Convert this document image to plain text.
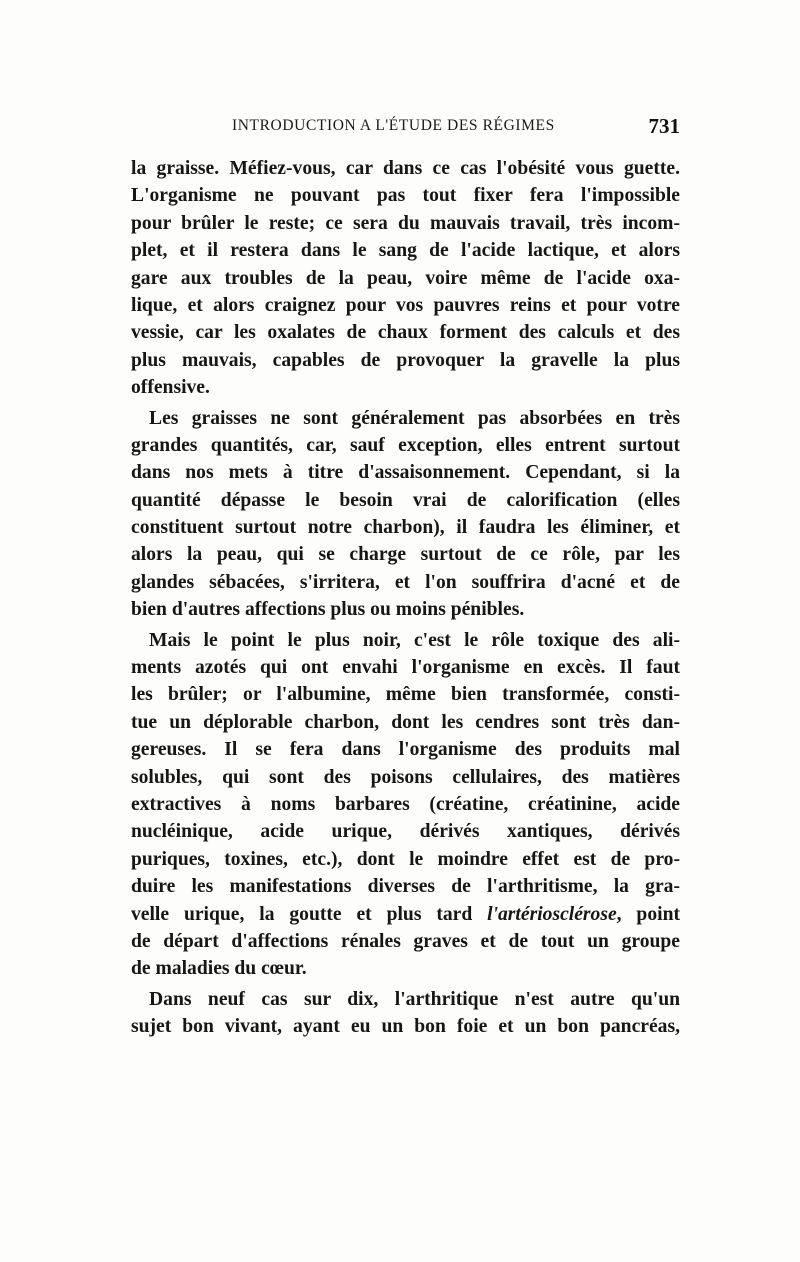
INTRODUCTION A L'ÉTUDE DES RÉGIMES	731
la graisse. Méfiez-vous, car dans ce cas l'obésité vous guette.
L'organisme ne pouvant pas tout fixer fera l'impossible
pour brûler le reste; ce sera du mauvais travail, très incom-
plet, et il restera dans le sang de l'acide lactique, et alors
gare aux troubles de la peau, voire même de l'acide oxa-
lique, et alors craignez pour vos pauvres reins et pour votre
vessie, car les oxalates de chaux forment des calculs et des
plus mauvais, capables de provoquer la gravelle la plus
offensive.
Les graisses ne sont généralement pas absorbées en très
grandes quantités, car, sauf exception, elles entrent surtout
dans nos mets à titre d'assaisonnement. Cependant, si la
quantité dépasse le besoin vrai de calorification (elles
constituent surtout notre charbon), il faudra les éliminer, et
alors la peau, qui se charge surtout de ce rôle, par les
glandes sébacées, s'irritera, et l'on souffrira d'acné et de
bien d'autres affections plus ou moins pénibles.
Mais le point le plus noir, c'est le rôle toxique des ali-
ments azotés qui ont envahi l'organisme en excès. Il faut
les brûler; or l'albumine, même bien transformée, consti-
tue un déplorable charbon, dont les cendres sont très dan-
gereuses. Il se fera dans l'organisme des produits mal
solubles, qui sont des poisons cellulaires, des matières
extractives à noms barbares (créatine, créatinine, acide
nucléinique, acide urique, dérivés xantiques, dérivés
puriques, toxines, etc.), dont le moindre effet est de pro-
duire les manifestations diverses de l'arthritisme, la gra-
velle urique, la goutte et plus tard l'artériosclérose, point
de départ d'affections rénales graves et de tout un groupe
de maladies du cœur.
Dans neuf cas sur dix, l'arthritique n'est autre qu'un
sujet bon vivant, ayant eu un bon foie et un bon pancréas,
